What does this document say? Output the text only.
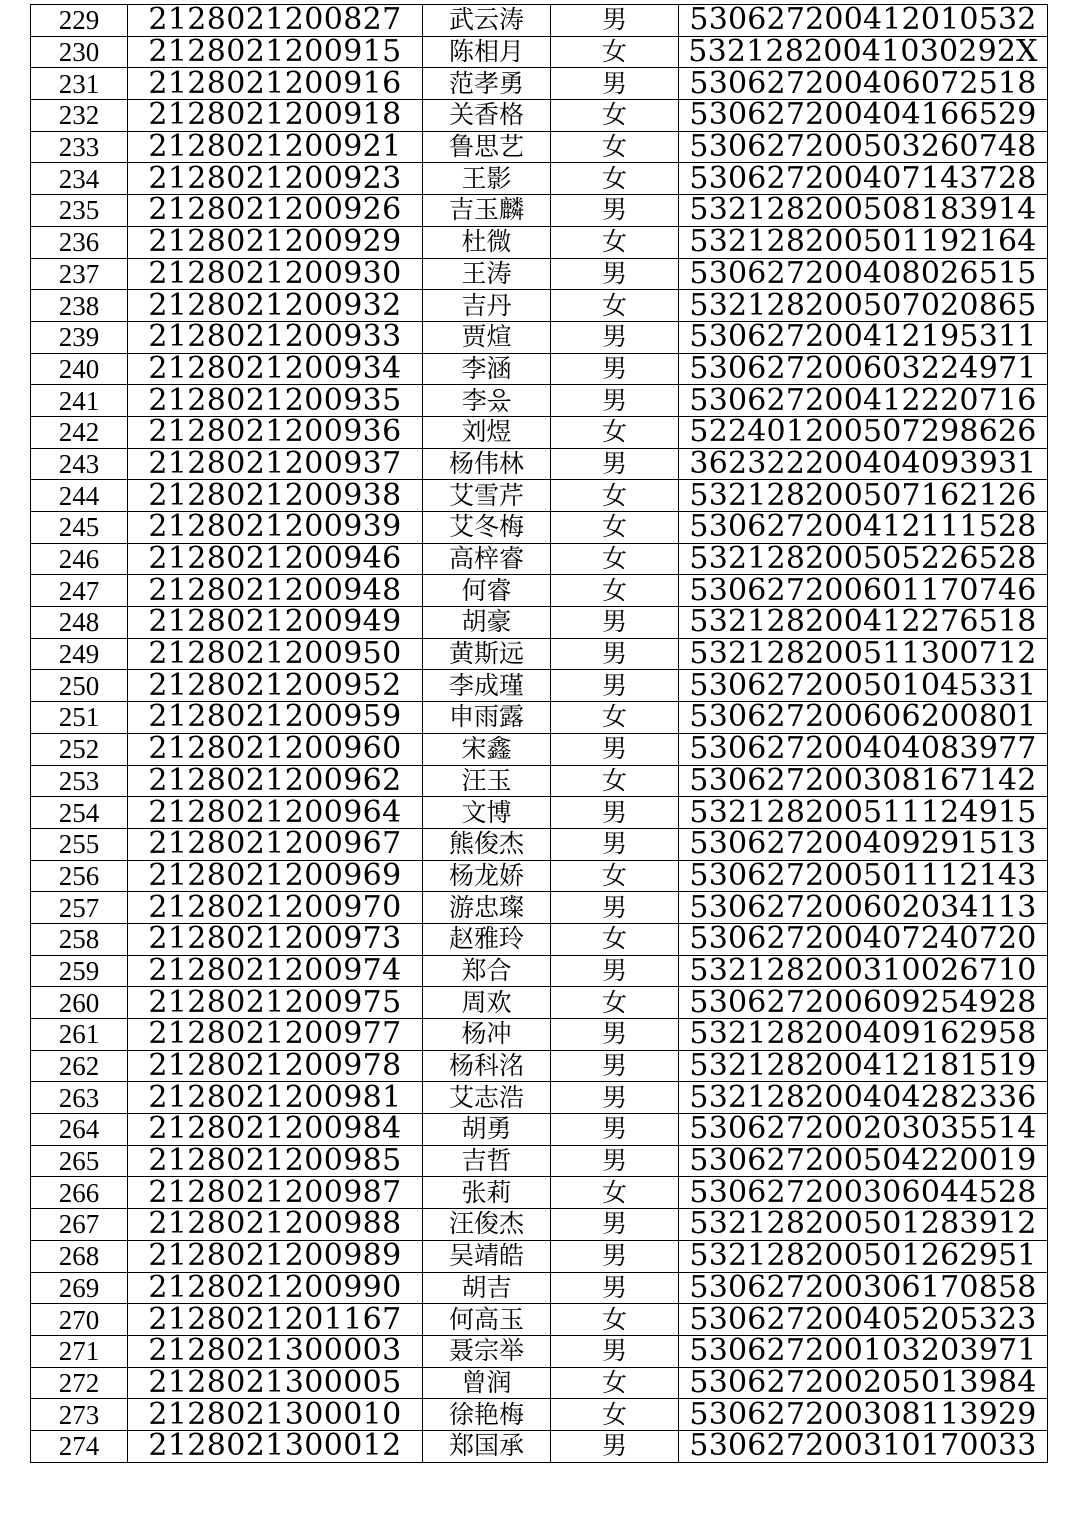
229	2128021200827	武云涛	男	530627200412010532
230	2128021200915	陈相月	女	53212820041030292X
231	2128021200916	范孝勇	男	530627200406072518
232	2128021200918	关香格	女	530627200404166529
233	2128021200921	鲁思艺	女	530627200503260748
234	2128021200923	王影	女	530627200407143728
235	2128021200926	吉玉麟	男	532128200508183914
236	2128021200929	杜微	女	532128200501192164
237	2128021200930	王涛	男	530627200408026515
238	2128021200932	吉丹	女	532128200507020865
239	2128021200933	贾煊	男	530627200412195311
240	2128021200934	李涵	男	530627200603224971
241	2128021200935	李읐	男	530627200412220716
242	2128021200936	刘煜	女	522401200507298626
243	2128021200937	杨伟林	男	362322200404093931
244	2128021200938	艾雪芹	女	532128200507162126
245	2128021200939	艾冬梅	女	530627200412111528
246	2128021200946	高梓睿	女	532128200505226528
247	2128021200948	何睿	女	530627200601170746
248	2128021200949	胡豪	男	532128200412276518
249	2128021200950	黄斯远	男	532128200511300712
250	2128021200952	李成瑾	男	530627200501045331
251	2128021200959	申雨露	女	530627200606200801
252	2128021200960	宋鑫	男	530627200404083977
253	2128021200962	汪玉	女	530627200308167142
254	2128021200964	文博	男	532128200511124915
255	2128021200967	熊俊杰	男	530627200409291513
256	2128021200969	杨龙娇	女	530627200501112143
257	2128021200970	游忠璨	男	530627200602034113
258	2128021200973	赵雅玲	女	530627200407240720
259	2128021200974	郑合	男	532128200310026710
260	2128021200975	周欢	女	530627200609254928
261	2128021200977	杨冲	男	532128200409162958
262	2128021200978	杨科洺	男	532128200412181519
263	2128021200981	艾志浩	男	532128200404282336
264	2128021200984	胡勇	男	530627200203035514
265	2128021200985	吉哲	男	530627200504220019
266	2128021200987	张莉	女	530627200306044528
267	2128021200988	汪俊杰	男	532128200501283912
268	2128021200989	吴靖皓	男	532128200501262951
269	2128021200990	胡吉	男	530627200306170858
270	2128021201167	何高玉	女	530627200405205323
271	2128021300003	聂宗举	男	530627200103203971
272	2128021300005	曾润	女	530627200205013984
273	2128021300010	徐艳梅	女	530627200308113929
274	2128021300012	郑国承	男	530627200310170033
